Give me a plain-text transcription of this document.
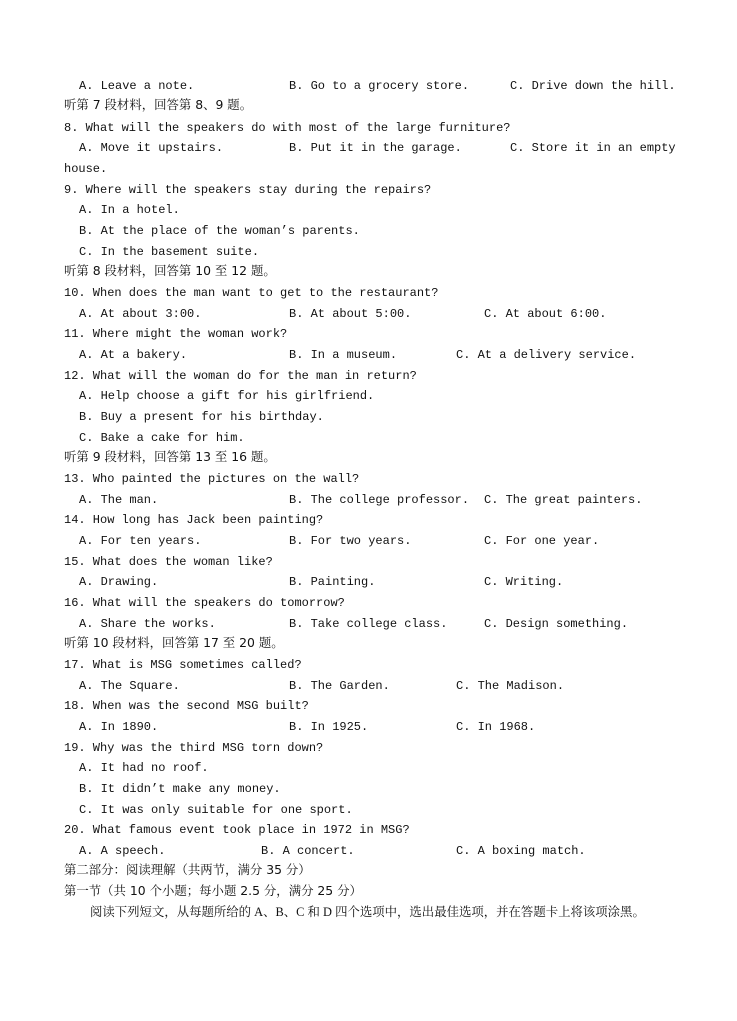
阅读下列短文，从每题所给的 A、B、C 和 D 四个选项中，选出最佳选项，并在答题卡上将该项涂黑。
A. Leave a note.	B. Go to a grocery store.	C. Drive down the hill.
听第 7 段材料，回答第 8、9 题。
8. What will the speakers do with most of the large furniture?
A. Move it upstairs.	B. Put it in the garage.	C. Store it in an empty
house.
9. Where will the speakers stay during the repairs?
A. In a hotel.
B. At the place of the woman’s parents.
C. In the basement suite.
听第 8 段材料，回答第 10 至 12 题。
10. When does the man want to get to the restaurant?
A. At about 3:00.	B. At about 5:00.	C. At about 6:00.
11. Where might the woman work?
A. At a bakery.	B. In a museum.	C. At a delivery service.
12. What will the woman do for the man in return?
A. Help choose a gift for his girlfriend.
B. Buy a present for his birthday.
C. Bake a cake for him.
听第 9 段材料，回答第 13 至 16 题。
13. Who painted the pictures on the wall?
A. The man.	B. The college professor. C. The great painters.
14. How long has Jack been painting?
A. For ten years.	B. For two years.	C. For one year.
15. What does the woman like?
A. Drawing.	B. Painting.	C. Writing.
16. What will the speakers do tomorrow?
A. Share the works.	B. Take college class.	C. Design something.
听第 10 段材料，回答第 17 至 20 题。
17. What is MSG sometimes called?
A. The Square.	B. The Garden.	C. The Madison.
18. When was the second MSG built?
A. In 1890.	B. In 1925.	C. In 1968.
19. Why was the third MSG torn down?
A. It had no roof.
B. It didn’t make any money.
C. It was only suitable for one sport.
20. What famous event took place in 1972 in MSG?
A. A speech.	B. A concert.	C. A boxing match.
第二部分：阅读理解（共两节，满分 35 分）
第一节（共 10 个小题；每小题 2.5 分，满分 25 分）
